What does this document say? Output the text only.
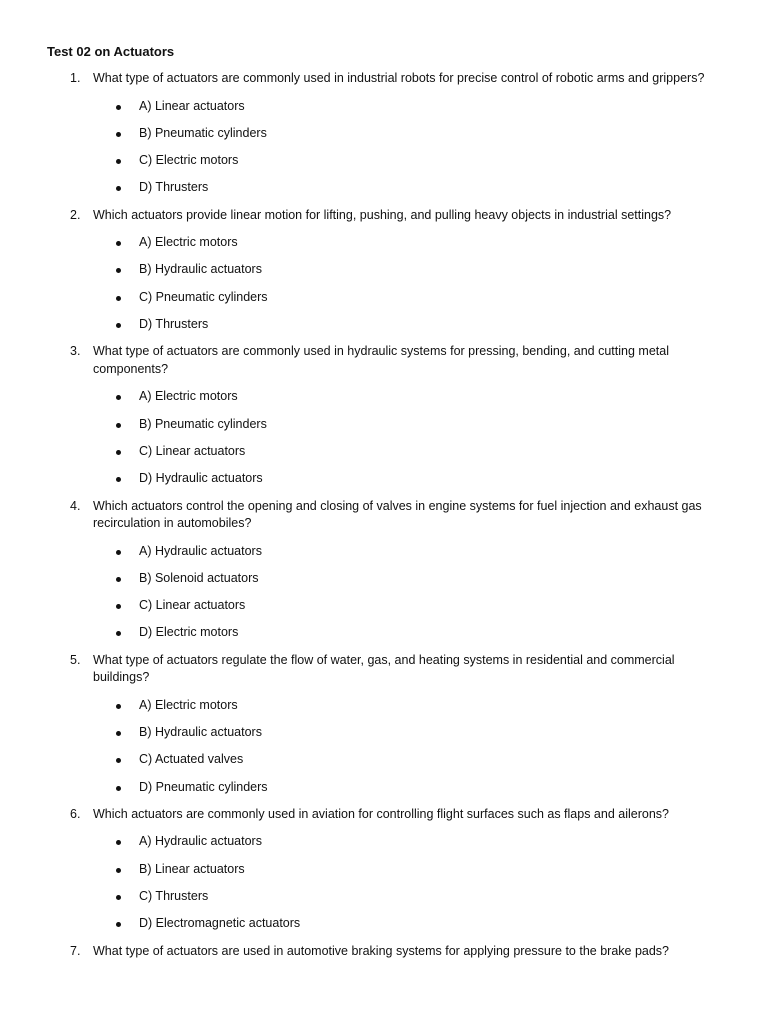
Test 02 on Actuators
1.	What type of actuators are commonly used in industrial robots for precise control of robotic arms and grippers?
A) Linear actuators
B) Pneumatic cylinders
C) Electric motors
D) Thrusters
2.	Which actuators provide linear motion for lifting, pushing, and pulling heavy objects in industrial settings?
A) Electric motors
B) Hydraulic actuators
C) Pneumatic cylinders
D) Thrusters
3.	What type of actuators are commonly used in hydraulic systems for pressing, bending, and cutting metal components?
A) Electric motors
B) Pneumatic cylinders
C) Linear actuators
D) Hydraulic actuators
4.	Which actuators control the opening and closing of valves in engine systems for fuel injection and exhaust gas recirculation in automobiles?
A) Hydraulic actuators
B) Solenoid actuators
C) Linear actuators
D) Electric motors
5.	What type of actuators regulate the flow of water, gas, and heating systems in residential and commercial buildings?
A) Electric motors
B) Hydraulic actuators
C) Actuated valves
D) Pneumatic cylinders
6.	Which actuators are commonly used in aviation for controlling flight surfaces such as flaps and ailerons?
A) Hydraulic actuators
B) Linear actuators
C) Thrusters
D) Electromagnetic actuators
7.	What type of actuators are used in automotive braking systems for applying pressure to the brake pads?
